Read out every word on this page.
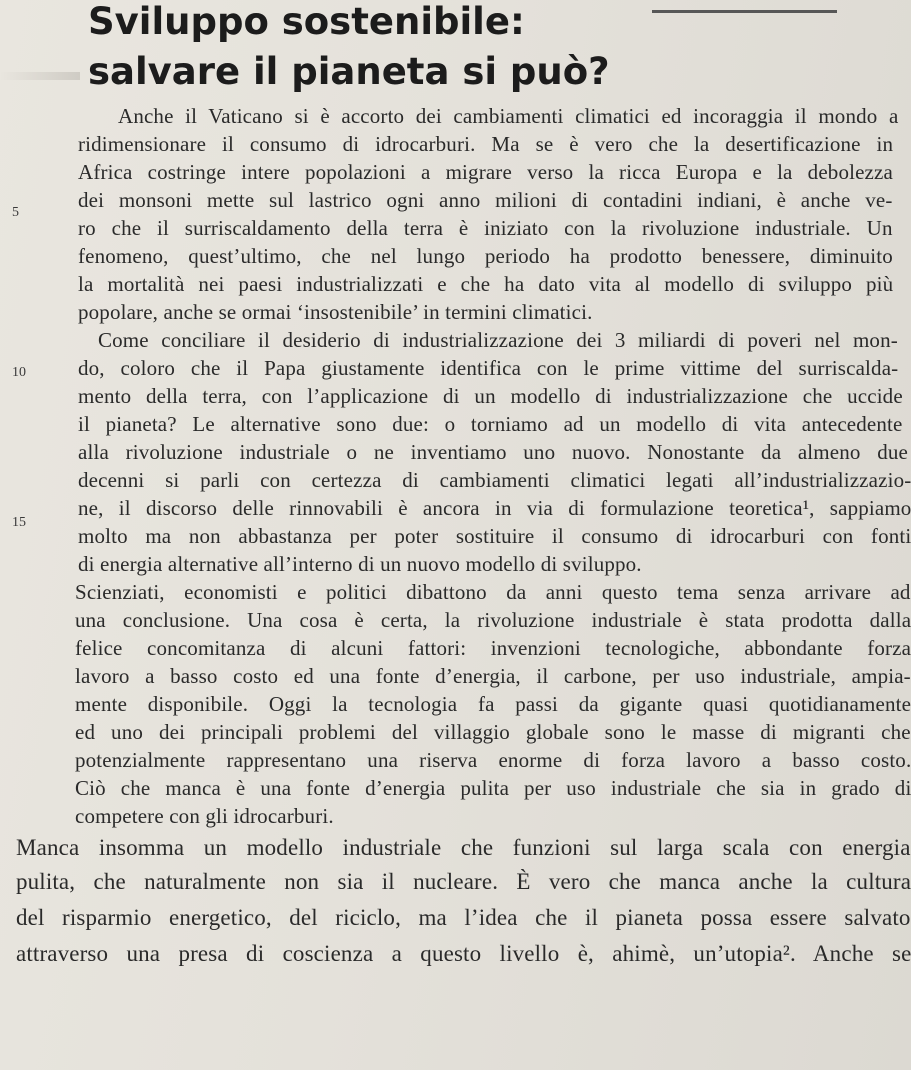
Sviluppo sostenibile:
salvare il pianeta si può?
5
10
15
Anche il Vaticano si è accorto dei cambiamenti climatici ed incoraggia il mondo a
ridimensionare il consumo di idrocarburi. Ma se è vero che la desertificazione in
Africa costringe intere popolazioni a migrare verso la ricca Europa e la debolezza
dei monsoni mette sul lastrico ogni anno milioni di contadini indiani, è anche ve-
ro che il surriscaldamento della terra è iniziato con la rivoluzione industriale. Un
fenomeno, quest’ultimo, che nel lungo periodo ha prodotto benessere, diminuito
la mortalità nei paesi industrializzati e che ha dato vita al modello di sviluppo più
popolare, anche se ormai ‘insostenibile’ in termini climatici.
Come conciliare il desiderio di industrializzazione dei 3 miliardi di poveri nel mon-
do, coloro che il Papa giustamente identifica con le prime vittime del surriscalda-
mento della terra, con l’applicazione di un modello di industrializzazione che uccide
il pianeta? Le alternative sono due: o torniamo ad un modello di vita antecedente
alla rivoluzione industriale o ne inventiamo uno nuovo. Nonostante da almeno due
decenni si parli con certezza di cambiamenti climatici legati all’industrializzazio-
ne, il discorso delle rinnovabili è ancora in via di formulazione teoretica¹, sappiamo
molto ma non abbastanza per poter sostituire il consumo di idrocarburi con fonti
di energia alternative all’interno di un nuovo modello di sviluppo.
Scienziati, economisti e politici dibattono da anni questo tema senza arrivare ad
una conclusione. Una cosa è certa, la rivoluzione industriale è stata prodotta dalla
felice concomitanza di alcuni fattori: invenzioni tecnologiche, abbondante forza
lavoro a basso costo ed una fonte d’energia, il carbone, per uso industriale, ampia-
mente disponibile. Oggi la tecnologia fa passi da gigante quasi quotidianamente
ed uno dei principali problemi del villaggio globale sono le masse di migranti che
potenzialmente rappresentano una riserva enorme di forza lavoro a basso costo.
Ciò che manca è una fonte d’energia pulita per uso industriale che sia in grado di
competere con gli idrocarburi.
Manca insomma un modello industriale che funzioni sul larga scala con energia
pulita, che naturalmente non sia il nucleare. È vero che manca anche la cultura
del risparmio energetico, del riciclo, ma l’idea che il pianeta possa essere salvato
attraverso una presa di coscienza a questo livello è, ahimè, un’utopia². Anche se
